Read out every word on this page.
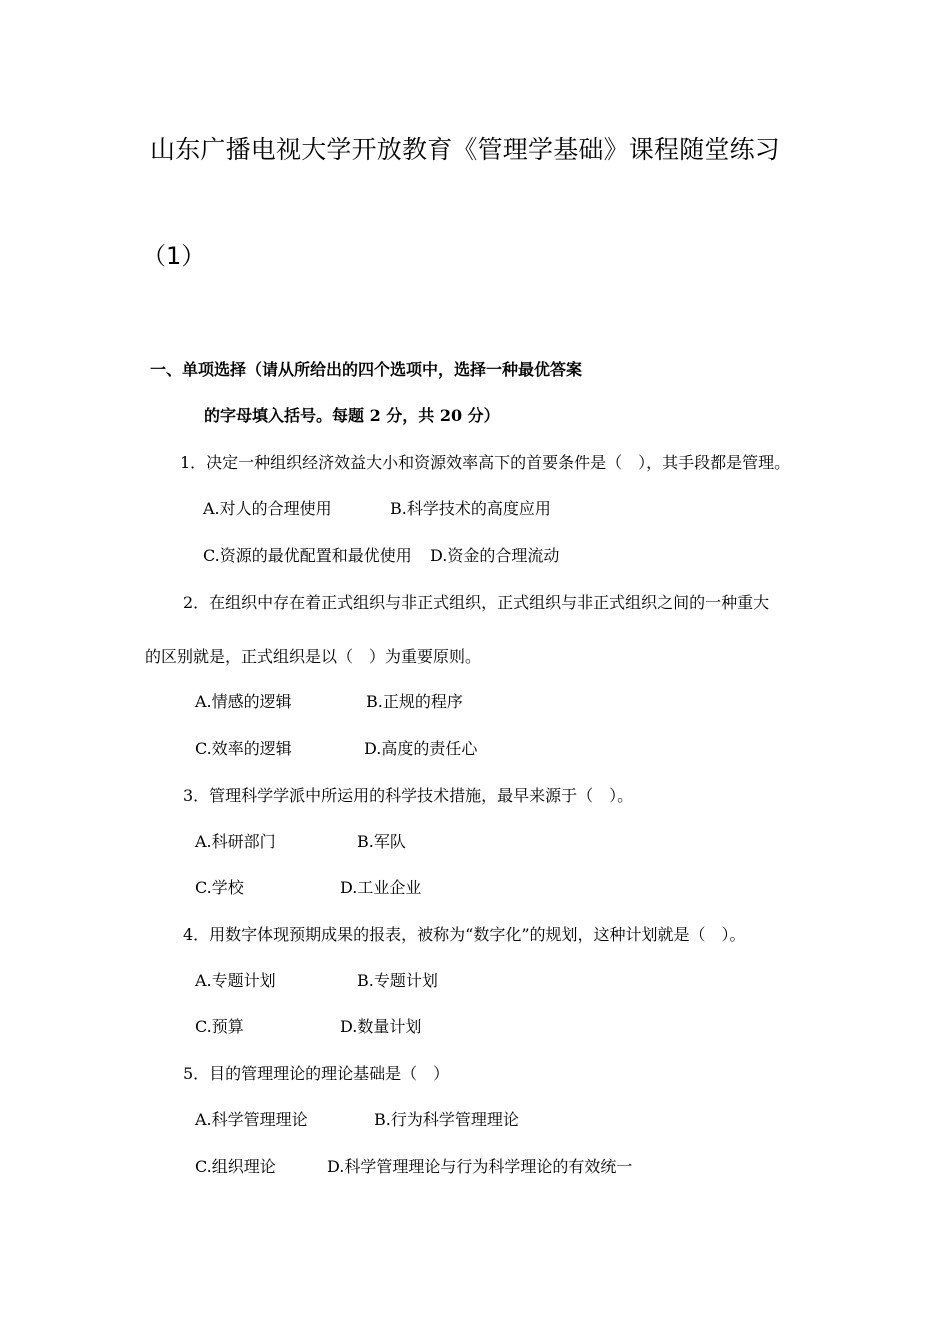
山东广播电视大学开放教育《管理学基础》课程随堂练习
（1）
一、单项选择（请从所给出的四个选项中，选择一种最优答案
的字母填入括号。每题 2 分，共 20 分）
1．决定一种组织经济效益大小和资源效率高下的首要条件是（　），其手段都是管理。
A.对人的合理使用	B.科学技术的高度应用
C.资源的最优配置和最优使用 D.资金的合理流动
2．在组织中存在着正式组织与非正式组织，正式组织与非正式组织之间的一种重大
的区别就是，正式组织是以（　）为重要原则。
A.情感的逻辑	B.正规的程序
C.效率的逻辑	D.高度的责任心
3．管理科学学派中所运用的科学技术措施，最早来源于（　）。
A.科研部门	B.军队
C.学校	D.工业企业
4．用数字体现预期成果的报表，被称为“数字化”的规划，这种计划就是（　）。
A.专题计划	B.专题计划
C.预算	D.数量计划
5．目的管理理论的理论基础是（　）
A.科学管理理论	B.行为科学管理理论
C.组织理论	D.科学管理理论与行为科学理论的有效统一
